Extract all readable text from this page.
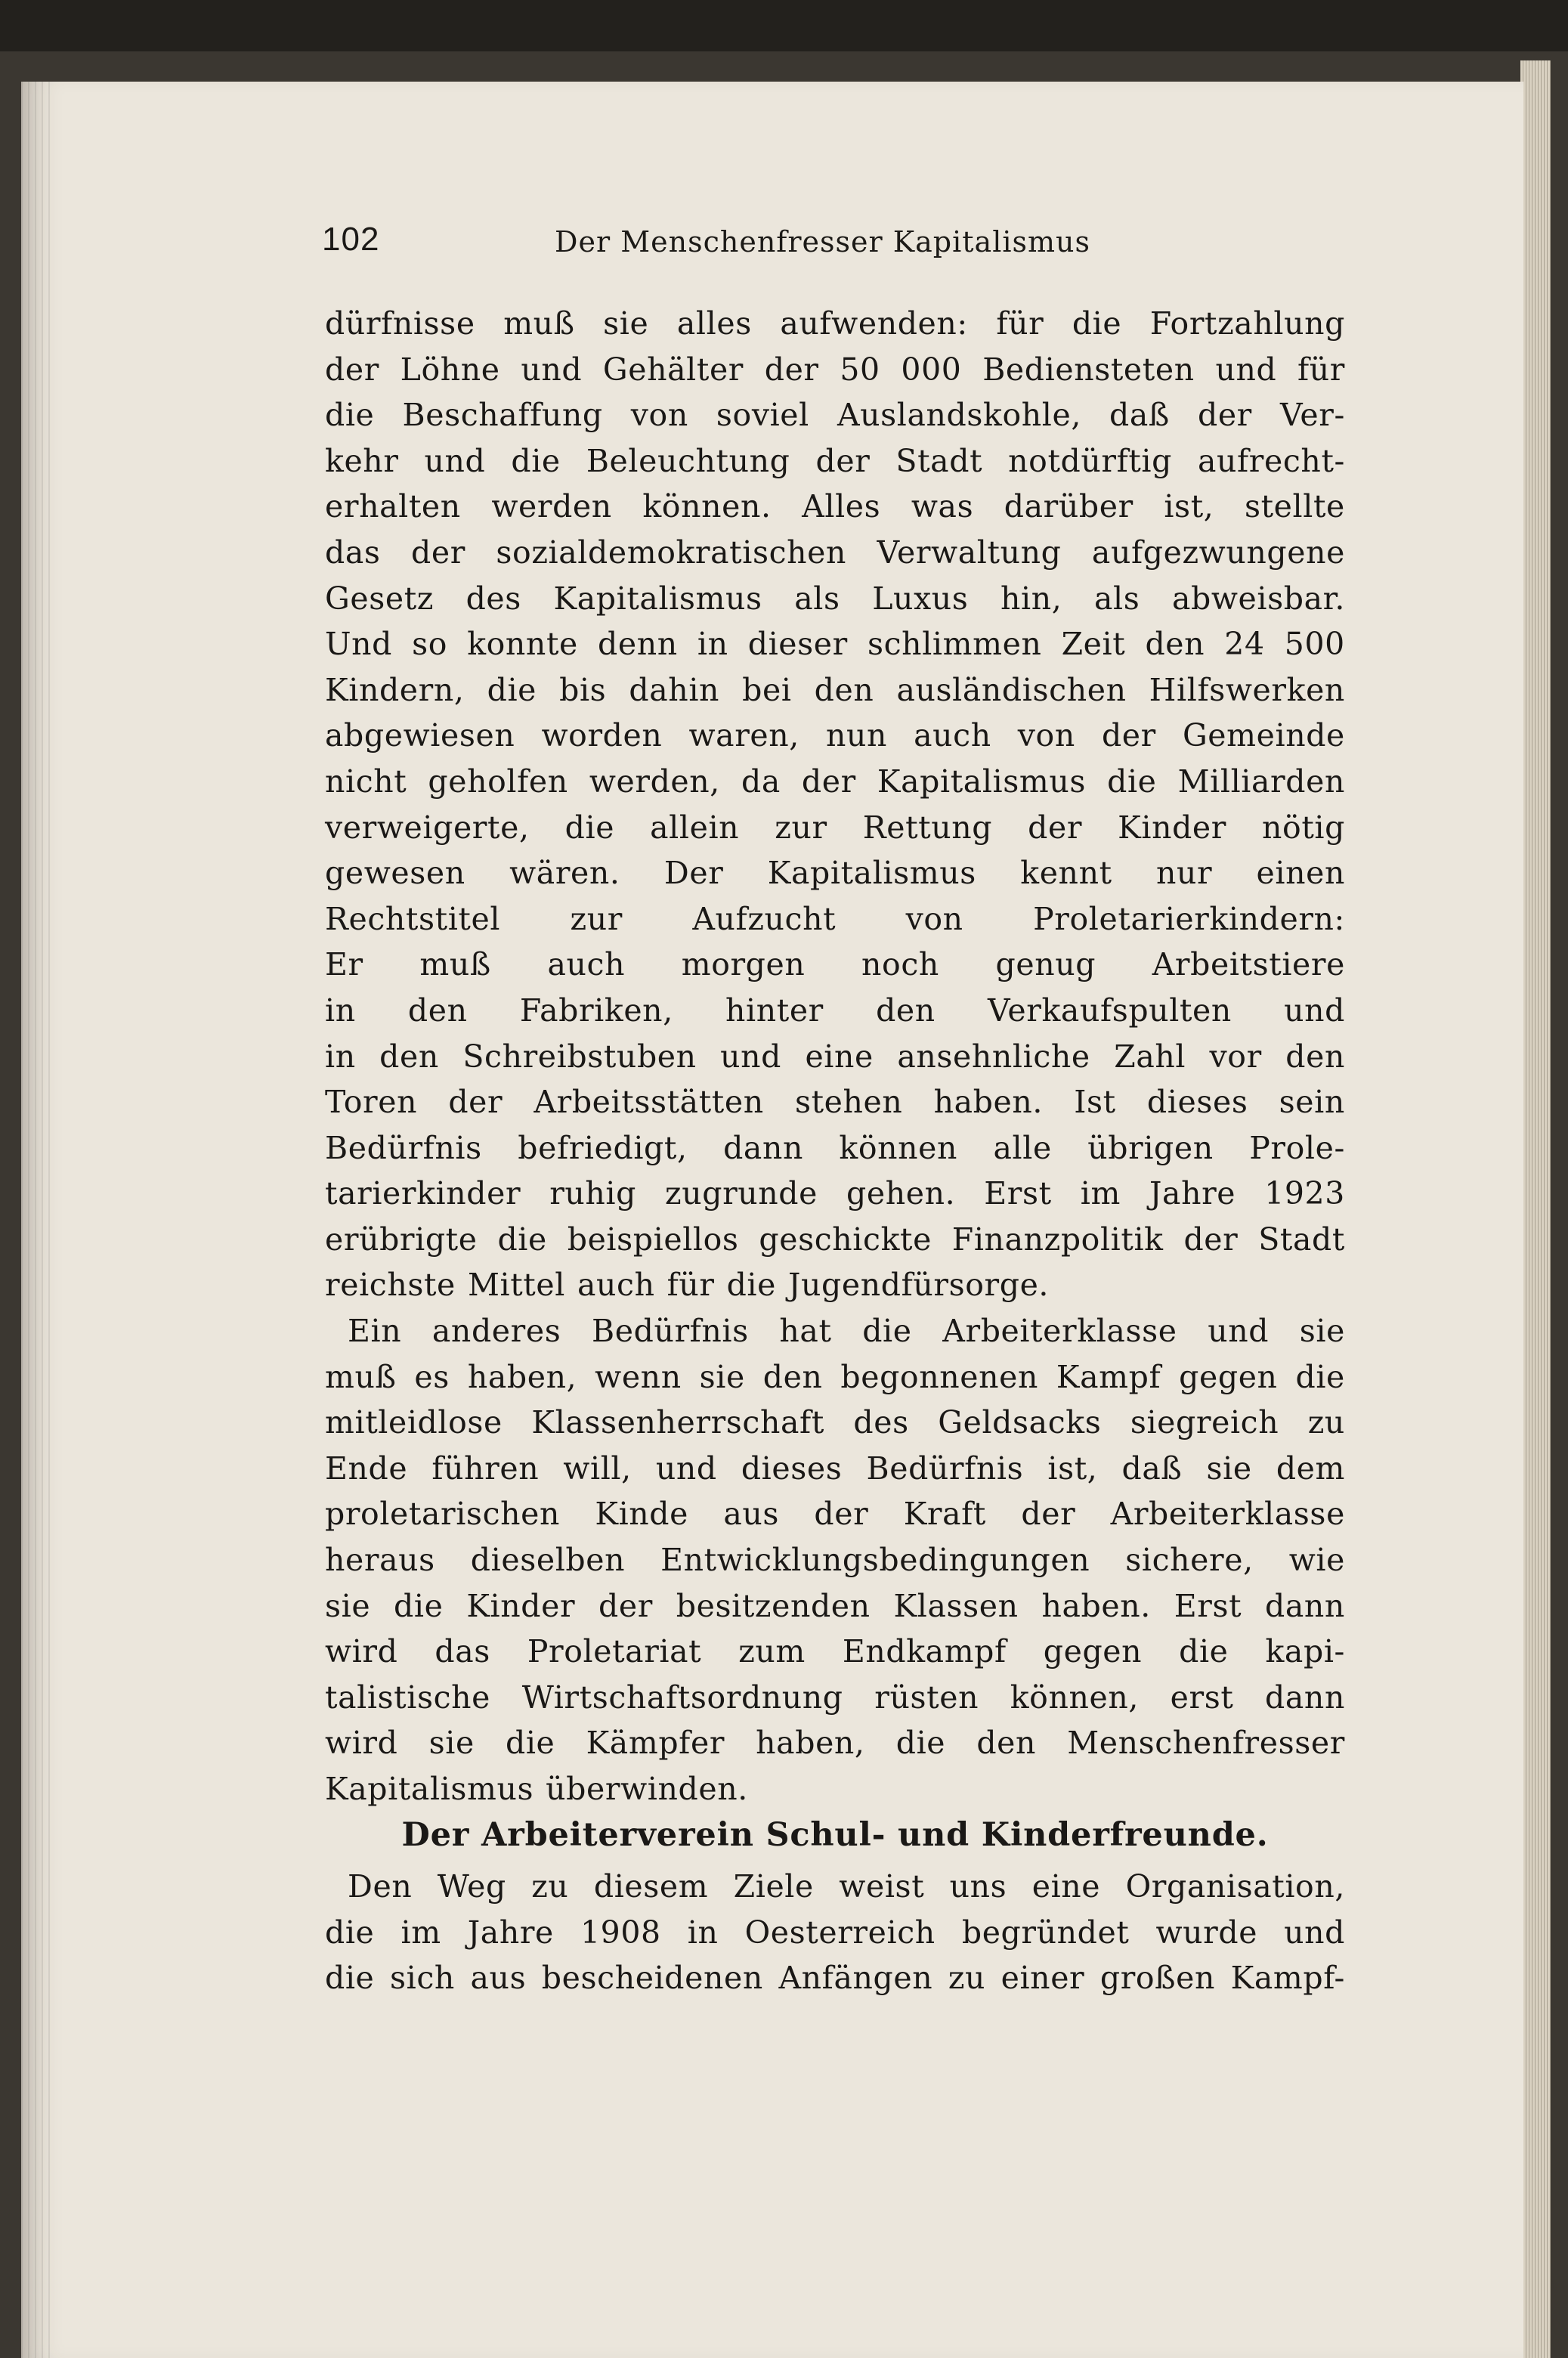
102	Der Menschenfresser Kapitalismus
dürfnisse muß sie alles aufwenden: für die Fortzahlung
der Löhne und Gehälter der 50 000 Bediensteten und für
die Beschaffung von soviel Auslandskohle, daß der Ver-
kehr und die Beleuchtung der Stadt notdürftig aufrecht-
erhalten werden können. Alles was darüber ist, stellte
das der sozialdemokratischen Verwaltung aufgezwungene
Gesetz des Kapitalismus als Luxus hin, als abweisbar.
Und so konnte denn in dieser schlimmen Zeit den 24 500
Kindern, die bis dahin bei den ausländischen Hilfswerken
abgewiesen worden waren, nun auch von der Gemeinde
nicht geholfen werden, da der Kapitalismus die Milliarden
verweigerte, die allein zur Rettung der Kinder nötig
gewesen wären. Der Kapitalismus kennt nur einen
Rechtstitel zur Aufzucht von Proletarierkindern:
Er muß auch morgen noch genug Arbeitstiere
in den Fabriken, hinter den Verkaufspulten und
in den Schreibstuben und eine ansehnliche Zahl vor den
Toren der Arbeitsstätten stehen haben. Ist dieses sein
Bedürfnis befriedigt, dann können alle übrigen Prole-
tarierkinder ruhig zugrunde gehen. Erst im Jahre 1923
erübrigte die beispiellos geschickte Finanzpolitik der Stadt
reichste Mittel auch für die Jugendfürsorge.
Ein anderes Bedürfnis hat die Arbeiterklasse und sie
muß es haben, wenn sie den begonnenen Kampf gegen die
mitleidlose Klassenherrschaft des Geldsacks siegreich zu
Ende führen will, und dieses Bedürfnis ist, daß sie dem
proletarischen Kinde aus der Kraft der Arbeiterklasse
heraus dieselben Entwicklungsbedingungen sichere, wie
sie die Kinder der besitzenden Klassen haben. Erst dann
wird das Proletariat zum Endkampf gegen die kapi-
talistische Wirtschaftsordnung rüsten können, erst dann
wird sie die Kämpfer haben, die den Menschenfresser
Kapitalismus überwinden.
Der Arbeiterverein Schul- und Kinderfreunde.
Den Weg zu diesem Ziele weist uns eine Organisation,
die im Jahre 1908 in Oesterreich begründet wurde und
die sich aus bescheidenen Anfängen zu einer großen Kampf-
